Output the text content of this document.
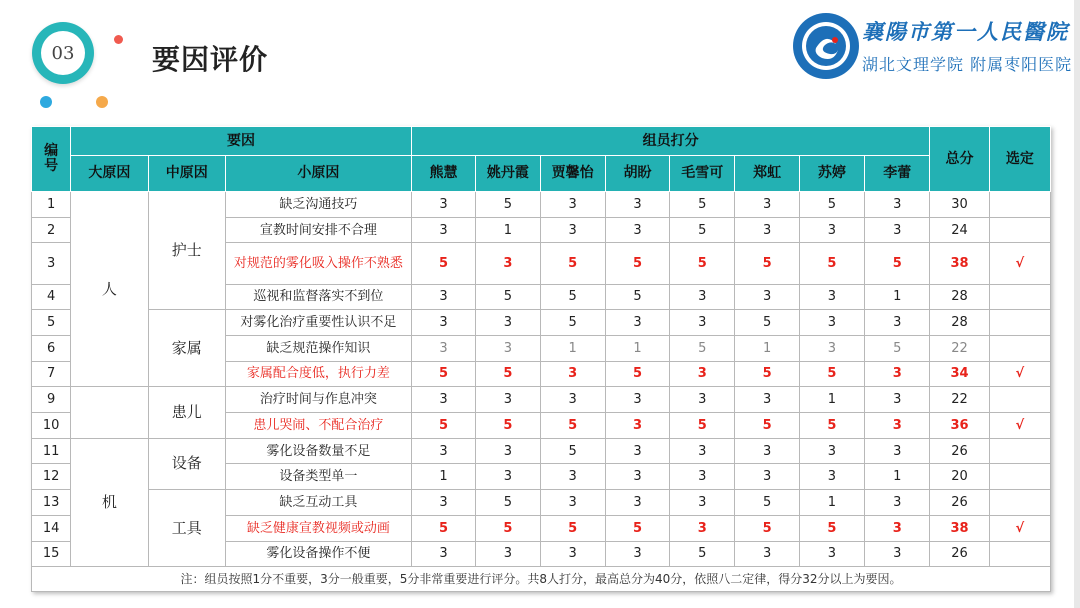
03	要因评价
襄陽市第一人民醫院
湖北文理学院 附属枣阳医院
编号	要因			组员打分								总分	选定
	大原因	中原因	小原因	熊慧	姚丹霞	贾馨怡	胡盼	毛雪可	郑虹	苏婷	李蕾		
1	人	护士	缺乏沟通技巧	3	5	3	3	5	3	5	3	30	
2			宣教时间安排不合理	3	1	3	3	5	3	3	3	24	
3			对规范的雾化吸入操作不熟悉	5	3	5	5	5	5	5	5	38	√
4			巡视和监督落实不到位	3	5	5	5	3	3	3	1	28	
5		家属	对雾化治疗重要性认识不足	3	3	5	3	3	5	3	3	28	
6			缺乏规范操作知识	3	3	1	1	5	1	3	5	22	
7			家属配合度低，执行力差	5	5	3	5	3	5	5	3	34	√
9		患儿	治疗时间与作息冲突	3	3	3	3	3	3	1	3	22	
10			患儿哭闹、不配合治疗	5	5	5	3	5	5	5	3	36	√
11	机	设备	雾化设备数量不足	3	3	5	3	3	3	3	3	26	
12			设备类型单一	1	3	3	3	3	3	3	1	20	
13		工具	缺乏互动工具	3	5	3	3	3	5	1	3	26	
14			缺乏健康宣教视频或动画	5	5	5	5	3	5	5	3	38	√
15			雾化设备操作不便	3	3	3	3	5	3	3	3	26	
注：组员按照1分不重要，3分一般重要，5分非常重要进行评分。共8人打分，最高总分为40分，依照八二定律，得分32分以上为要因。													
